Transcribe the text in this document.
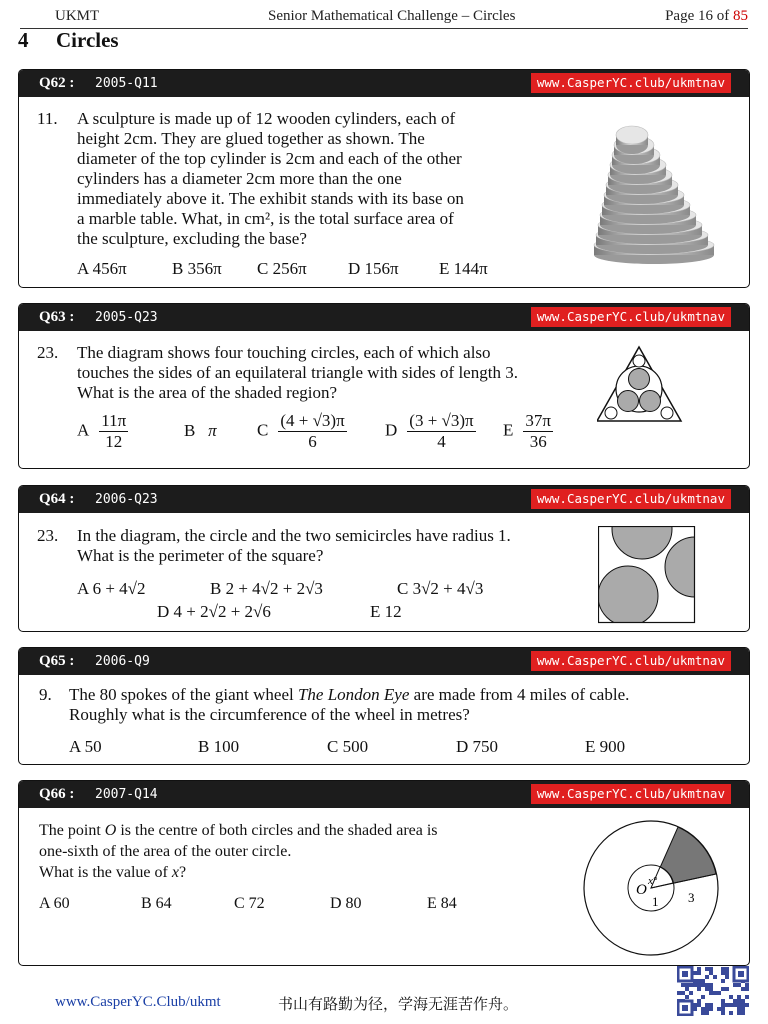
UKMT	Senior Mathematical Challenge – Circles	Page 16 of 85
4 Circles
Q62 : 2005-Q11	www.CasperYC.club/ukmtnav
11. A sculpture is made up of 12 wooden cylinders, each of
height 2cm. They are glued together as shown. The
diameter of the top cylinder is 2cm and each of the other
cylinders has a diameter 2cm more than the one
immediately above it. The exhibit stands with its base on
a marble table. What, in cm², is the total surface area of
the sculpture, excluding the base?
A 456π	B 356π C 256π D 156π E 144π
Q63 : 2005-Q23	www.CasperYC.club/ukmtnav
23. The diagram shows four touching circles, each of which also
touches the sides of an equilateral triangle with sides of length 3.
What is the area of the shaded region?
A $\frac{11\pi}{12}$	B π C $\frac{(4 + √3)\pi}{6}$ D $\frac{(3 + √3)\pi}{4}$ E $\frac{37\pi}{36}$
Q64 : 2006-Q23	www.CasperYC.club/ukmtnav
23. In the diagram, the circle and the two semicircles have radius 1.
What is the perimeter of the square?
A 6 + 4√2	B 2 + 4√2 + 2√3	C 3√2 + 4√3
D 4 + 2√2 + 2√6	E 12
Q65 : 2006-Q9	www.CasperYC.club/ukmtnav
9. The 80 spokes of the giant wheel The London Eye are made from 4 miles of cable.
Roughly what is the circumference of the wheel in metres?
A 50	B 100	C 500	D 750	E 900
Q66 : 2007-Q14	www.CasperYC.club/ukmtnav
The point O is the centre of both circles and the shaded area is
one-sixth of the area of the outer circle.
What is the value of x?
A 60	B 64	C 72	D 80	E 84
O
x°
1 3
www.CasperYC.Club/ukmt	书山有路勤为径，学海无涯苦作舟。
